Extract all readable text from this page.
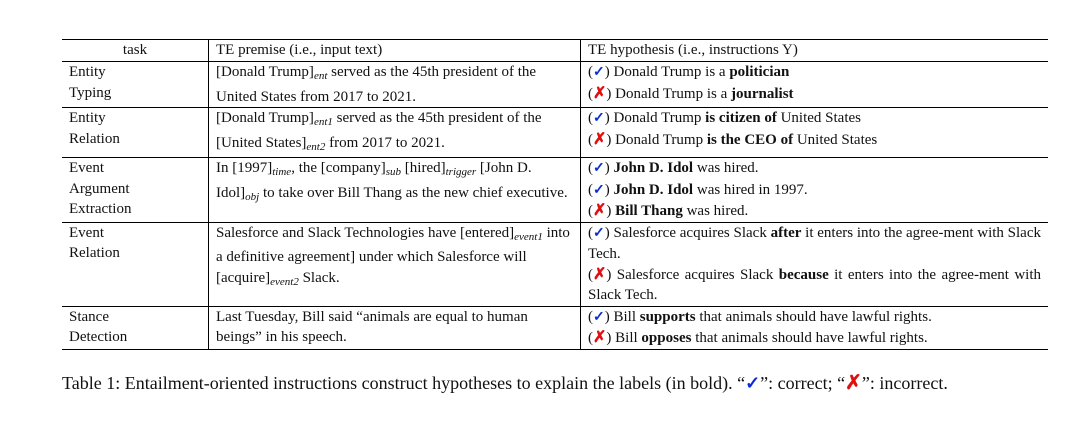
task	TE premise (i.e., input text)	TE hypothesis (i.e., instructions Y)

Entity
Typing	[Donald $Trump]_{ent}$ served as the 45th president of the United States from 2017 to 2021.	(✓) Donald Trump is a politician
(✗) Donald Trump is a journalist

Entity
Relation	[Donald $Trump]_{ent1}$ served as the 45th president of the [United $States]_{ent2}$ from 2017 to 2021.	(✓) Donald Trump is citizen of United States
(✗) Donald Trump is the CEO of United States

Event
Argument
Extraction	In $[1997]_{time}$, the $[company]_{sub}$ $[hired]_{trigger}$ [John D. $Idol]_{obj}$ to take over Bill Thang as the new chief executive.	(✓) John D. Idol was hired.
(✓) John D. Idol was hired in 1997.
(✗) Bill Thang was hired.

Event
Relation	Salesforce and Slack Technologies have $[entered]_{event1}$ into a definitive agreement] under which Salesforce will $[acquire]_{event2}$ Slack.	(✓) Salesforce acquires Slack after it enters into the agree-ment with Slack Tech.
(✗) Salesforce acquires Slack because it enters into the agree-ment with Slack Tech.

Stance
Detection	Last Tuesday, Bill said “animals are equal to human beings” in his speech.	(✓) Bill supports that animals should have lawful rights.
(✗) Bill opposes that animals should have lawful rights.
Table 1: Entailment-oriented instructions construct hypotheses to explain the labels (in bold). “✓”: correct; “✗”: incorrect.
